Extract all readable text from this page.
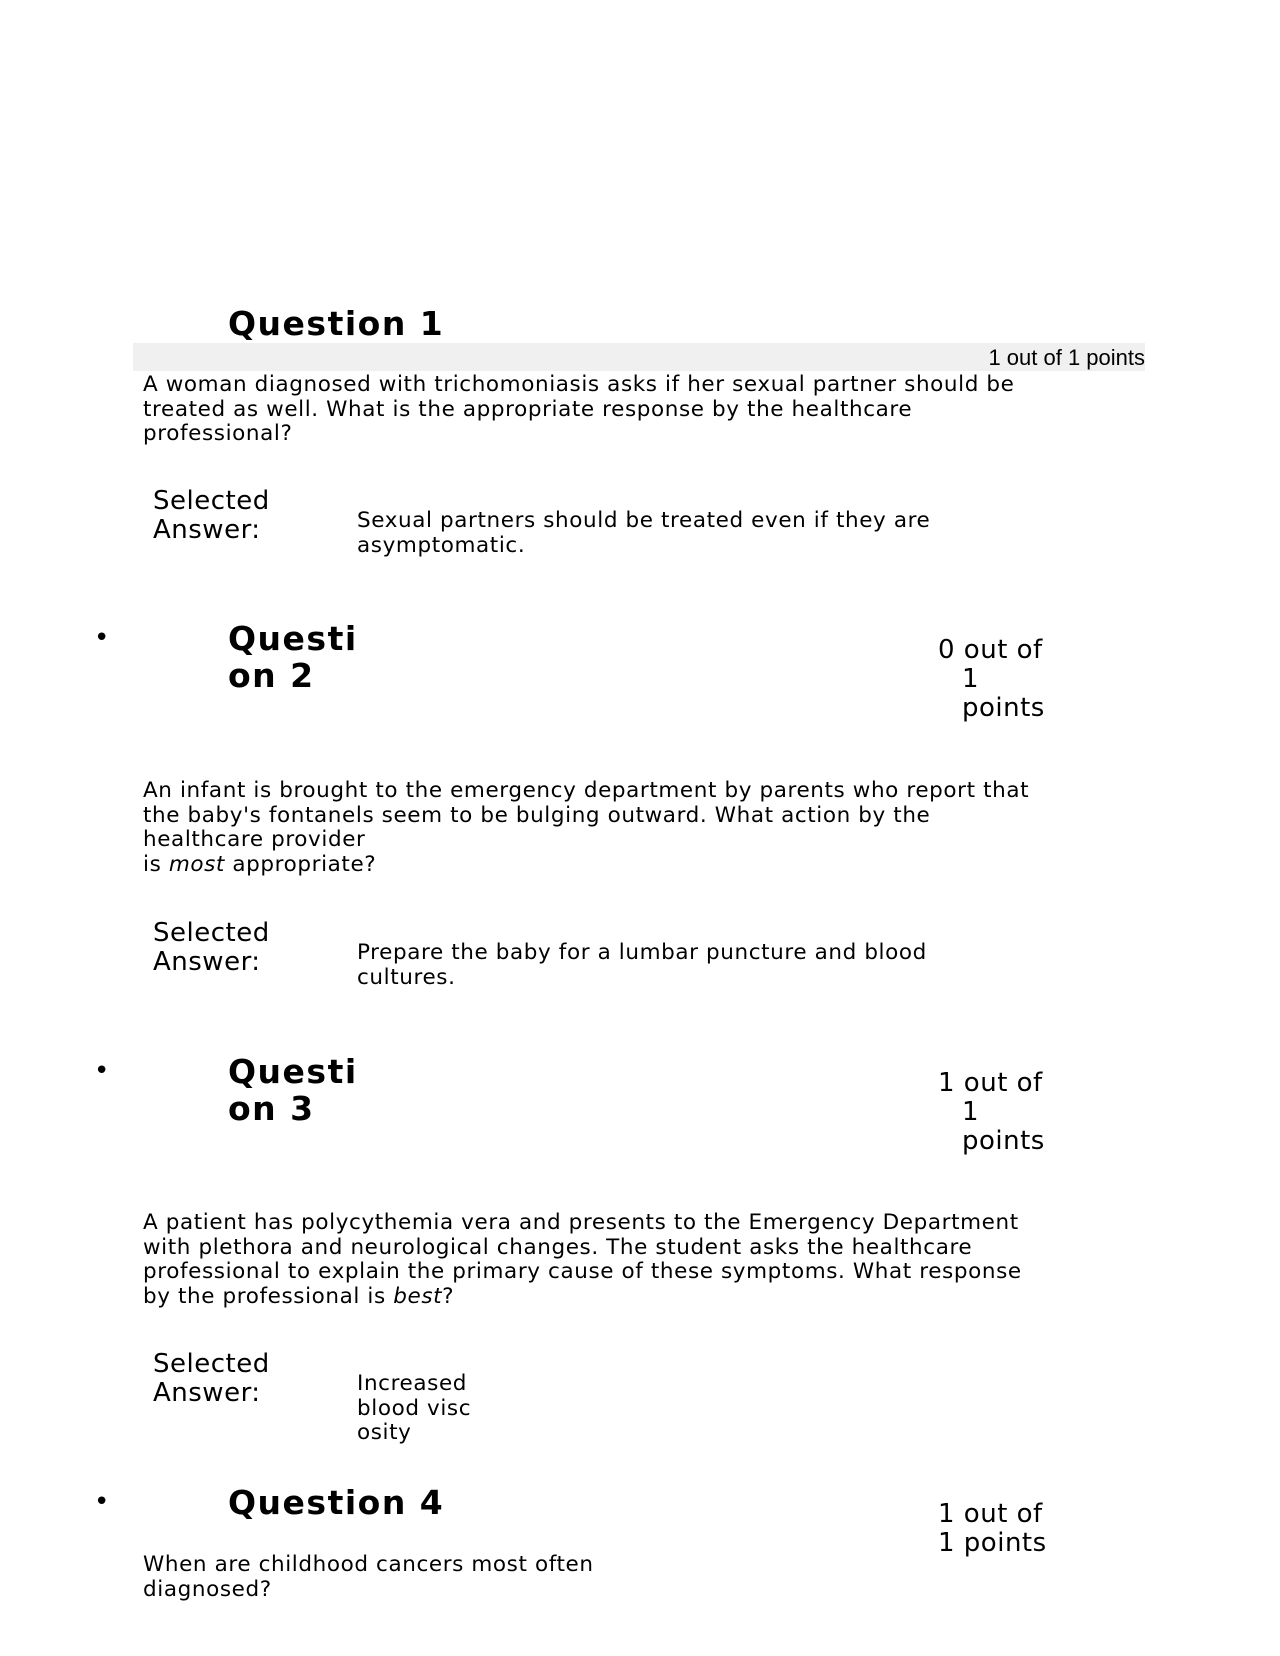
Question 1
1 out of 1 points
A woman diagnosed with trichomoniasis asks if her sexual partner should be treated as well. What is the appropriate response by the healthcare professional?
Selected Answer:	Sexual partners should be treated even if they are asymptomatic.
•	Questi
on 2
0 out of
1
points
An infant is brought to the emergency department by parents who report that the baby's fontanels seem to be bulging outward. What action by the healthcare provider
is most appropriate?
Selected Answer:	Prepare the baby for a lumbar puncture and blood cultures.
•	Questi
on 3
1 out of
1
points
A patient has polycythemia vera and presents to the Emergency Department with plethora and neurological changes. The student asks the healthcare professional to explain the primary cause of these symptoms. What response by the professional is best?
Selected Answer:	Increased blood viscosity
•	Question 4	1 out of
1 points
When are childhood cancers most often diagnosed?
